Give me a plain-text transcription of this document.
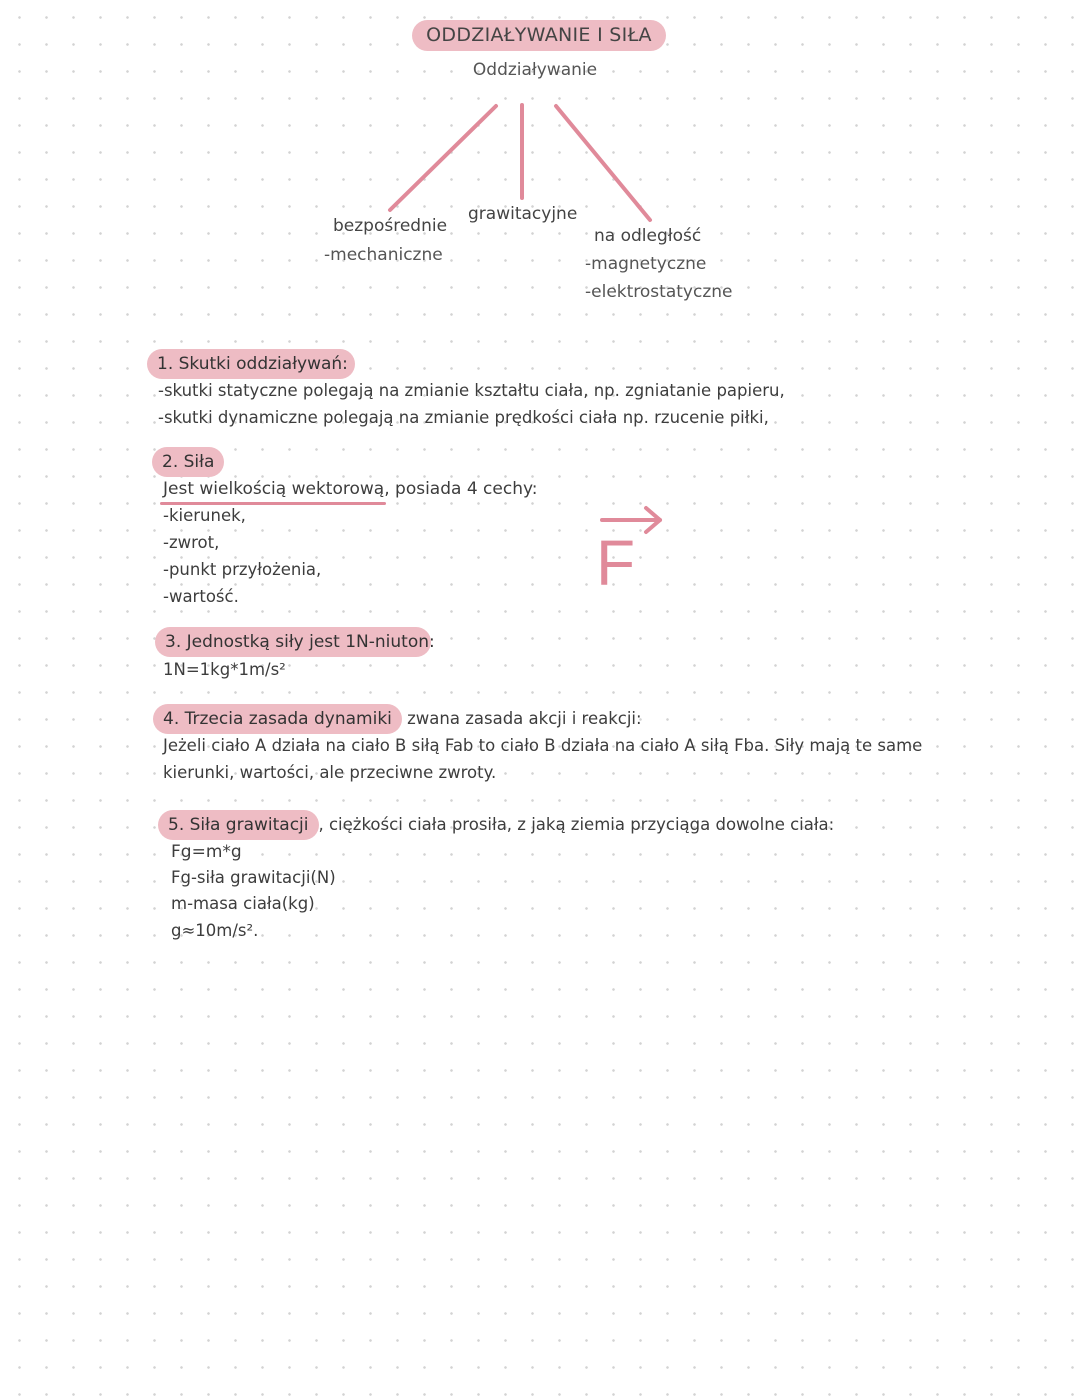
ODDZIAŁYWANIE I SIŁA
Oddziaływanie
bezpośrednie
-mechaniczne
grawitacyjne
na odległość
-magnetyczne
-elektrostatyczne
1. Skutki oddziaływań:
-skutki statyczne polegają na zmianie kształtu ciała, np. zgniatanie papieru,
-skutki dynamiczne polegają na zmianie prędkości ciała np. rzucenie piłki,
2. Siła
Jest wielkością wektorową, posiada 4 cechy:
-kierunek,
-zwrot,
-punkt przyłożenia,
-wartość.	F
3. Jednostką siły jest 1N-niuton:
1N=1kg*1m/s²
4. Trzecia zasada dynamiki zwana zasada akcji i reakcji:
Jeżeli ciało A działa na ciało B siłą Fab to ciało B działa na ciało A siłą Fba. Siły mają te same
kierunki, wartości, ale przeciwne zwroty.
5. Siła grawitacji , ciężkości ciała prosiła, z jaką ziemia przyciąga dowolne ciała:
Fg=m*g
Fg-siła grawitacji(N)
m-masa ciała(kg)
g≈10m/s².
